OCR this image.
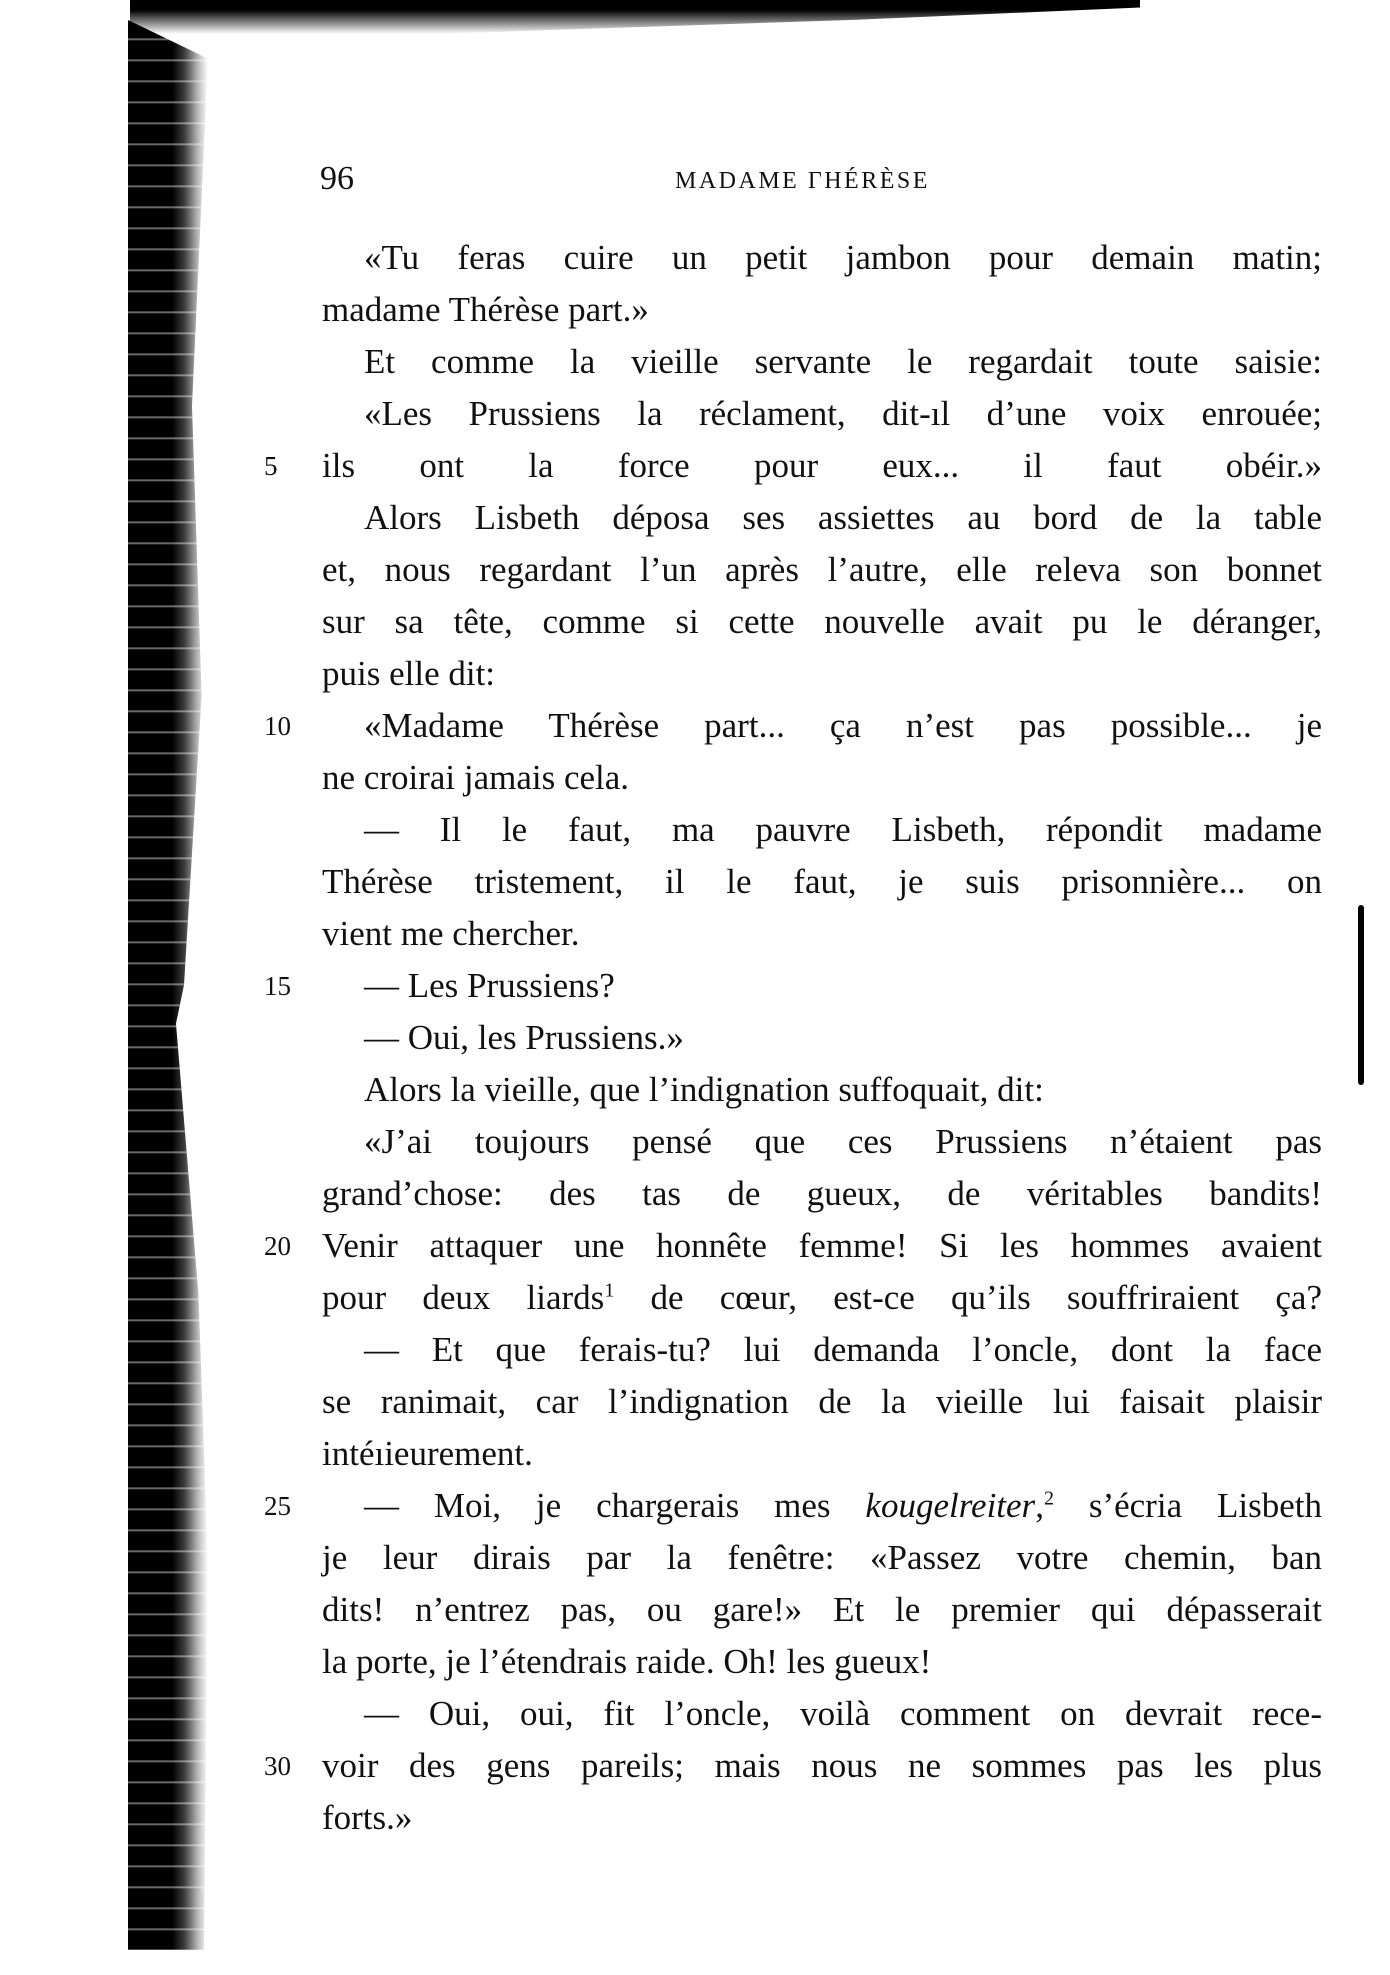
96	MADAME ΓHÉRÈSE
«Tu feras cuire un petit jambon pour demain matin;
madame Thérèse part.»
Et comme la vieille servante le regardait toute saisie:
«Les Prussiens la réclament, dit-ıl d’une voix enrouée;
5	ils ont la force pour eux... il faut obéir.»
Alors Lisbeth déposa ses assiettes au bord de la table
et, nous regardant l’un après l’autre, elle releva son bonnet
sur sa tête, comme si cette nouvelle avait pu le déranger,
puis elle dit:
10	«Madame Thérèse part... ça n’est pas possible... je
ne croirai jamais cela.
— Il le faut, ma pauvre Lisbeth, répondit madame
Thérèse tristement, il le faut, je suis prisonnière... on
vient me chercher.
15	— Les Prussiens?
— Oui, les Prussiens.»
Alors la vieille, que l’indignation suffoquait, dit:
«J’ai toujours pensé que ces Prussiens n’étaient pas
grand’chose: des tas de gueux, de véritables bandits!
20 Venir attaquer une honnête femme! Si les hommes avaient
pour deux liards$^1$ de cœur, est-ce qu’ils souffriraient ça?
— Et que ferais-tu? lui demanda l’oncle, dont la face
se ranimait, car l’indignation de la vieille lui faisait plaisir
intéıieurement.
25	— Moi, je chargerais mes kougelreiter,$^2$ s’écria Lisbeth
je leur dirais par la fenêtre: «Passez votre chemin, ban
dits! n’entrez pas, ou gare!» Et le premier qui dépasserait
la porte, je l’étendrais raide. Oh! les gueux!
— Oui, oui, fit l’oncle, voilà comment on devrait rece-
30 voir des gens pareils; mais nous ne sommes pas les plus
forts.»
